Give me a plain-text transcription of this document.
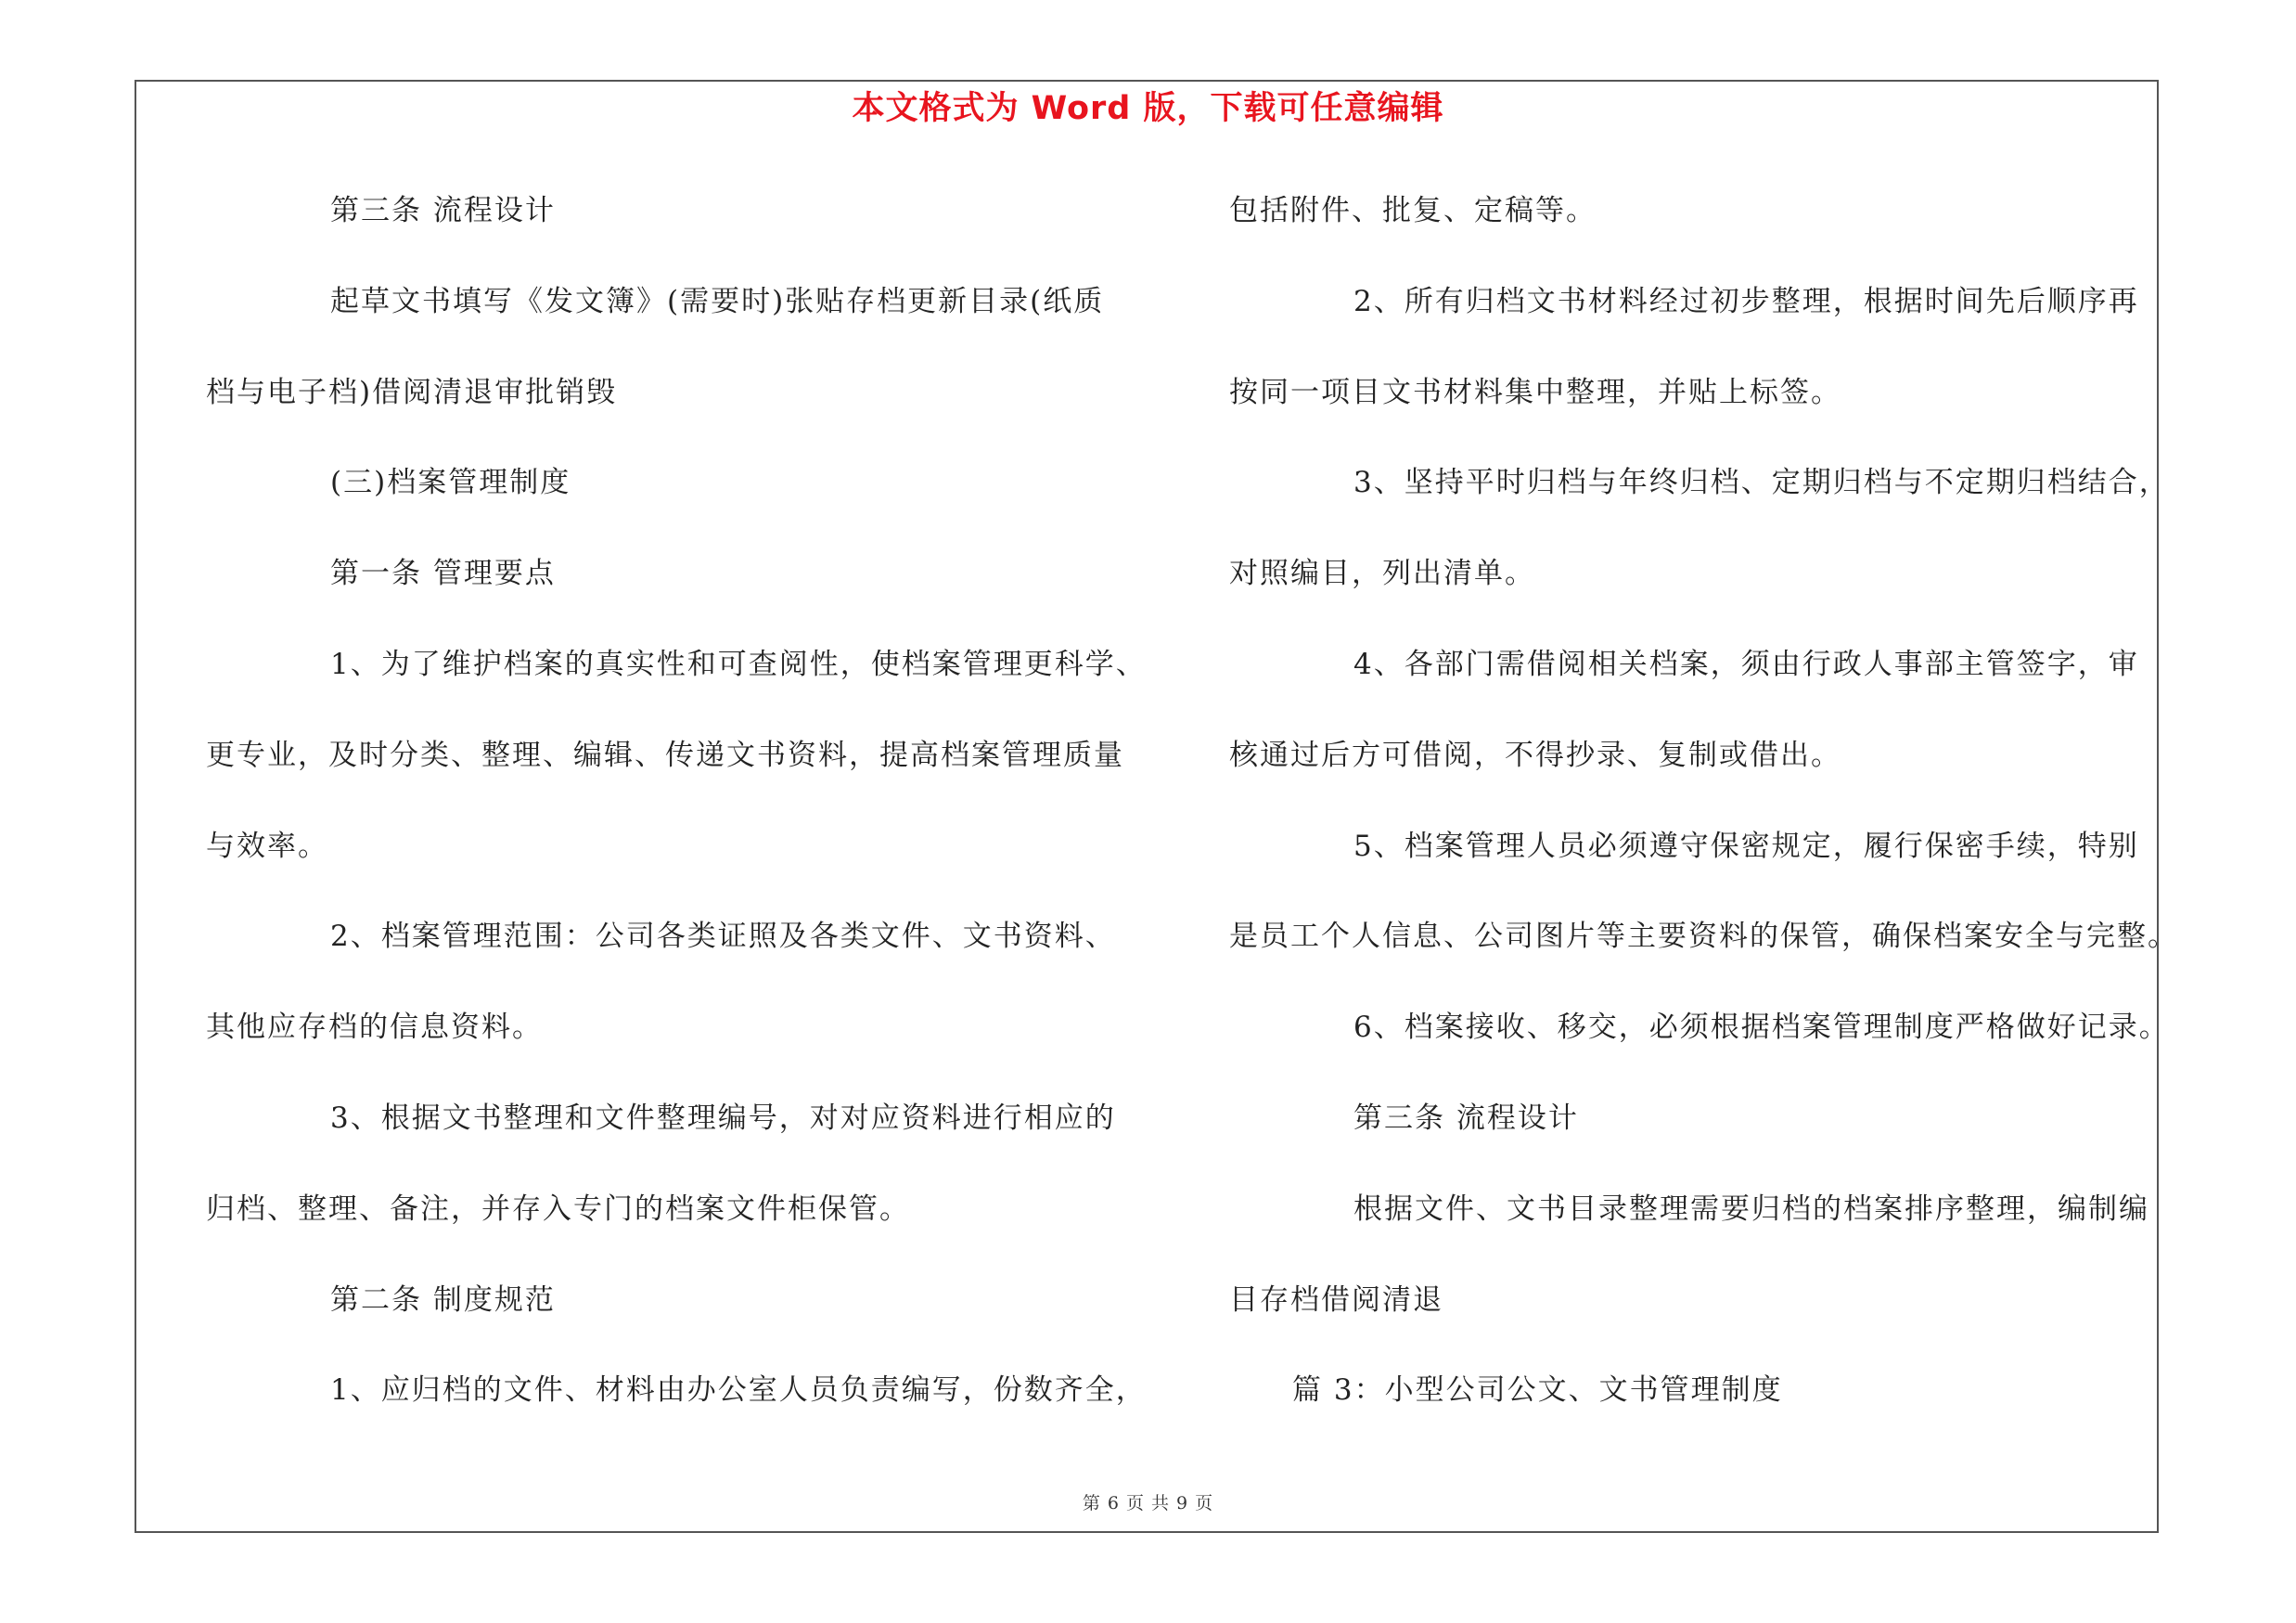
本文格式为 Word 版，下载可任意编辑
第三条 流程设计
起草文书填写《发文簿》(需要时)张贴存档更新目录(纸质
档与电子档)借阅清退审批销毁
(三)档案管理制度
第一条 管理要点
1、为了维护档案的真实性和可查阅性，使档案管理更科学、
更专业，及时分类、整理、编辑、传递文书资料，提高档案管理质量
与效率。
2、档案管理范围：公司各类证照及各类文件、文书资料、
其他应存档的信息资料。
3、根据文书整理和文件整理编号，对对应资料进行相应的
归档、整理、备注，并存入专门的档案文件柜保管。
第二条 制度规范
1、应归档的文件、材料由办公室人员负责编写，份数齐全，
包括附件、批复、定稿等。
2、所有归档文书材料经过初步整理，根据时间先后顺序再
按同一项目文书材料集中整理，并贴上标签。
3、坚持平时归档与年终归档、定期归档与不定期归档结合，
对照编目，列出清单。
4、各部门需借阅相关档案，须由行政人事部主管签字，审
核通过后方可借阅，不得抄录、复制或借出。
5、档案管理人员必须遵守保密规定，履行保密手续，特别
是员工个人信息、公司图片等主要资料的保管，确保档案安全与完整。
6、档案接收、移交，必须根据档案管理制度严格做好记录。
第三条 流程设计
根据文件、文书目录整理需要归档的档案排序整理，编制编
目存档借阅清退
篇 3：小型公司公文、文书管理制度
第 6 页 共 9 页
